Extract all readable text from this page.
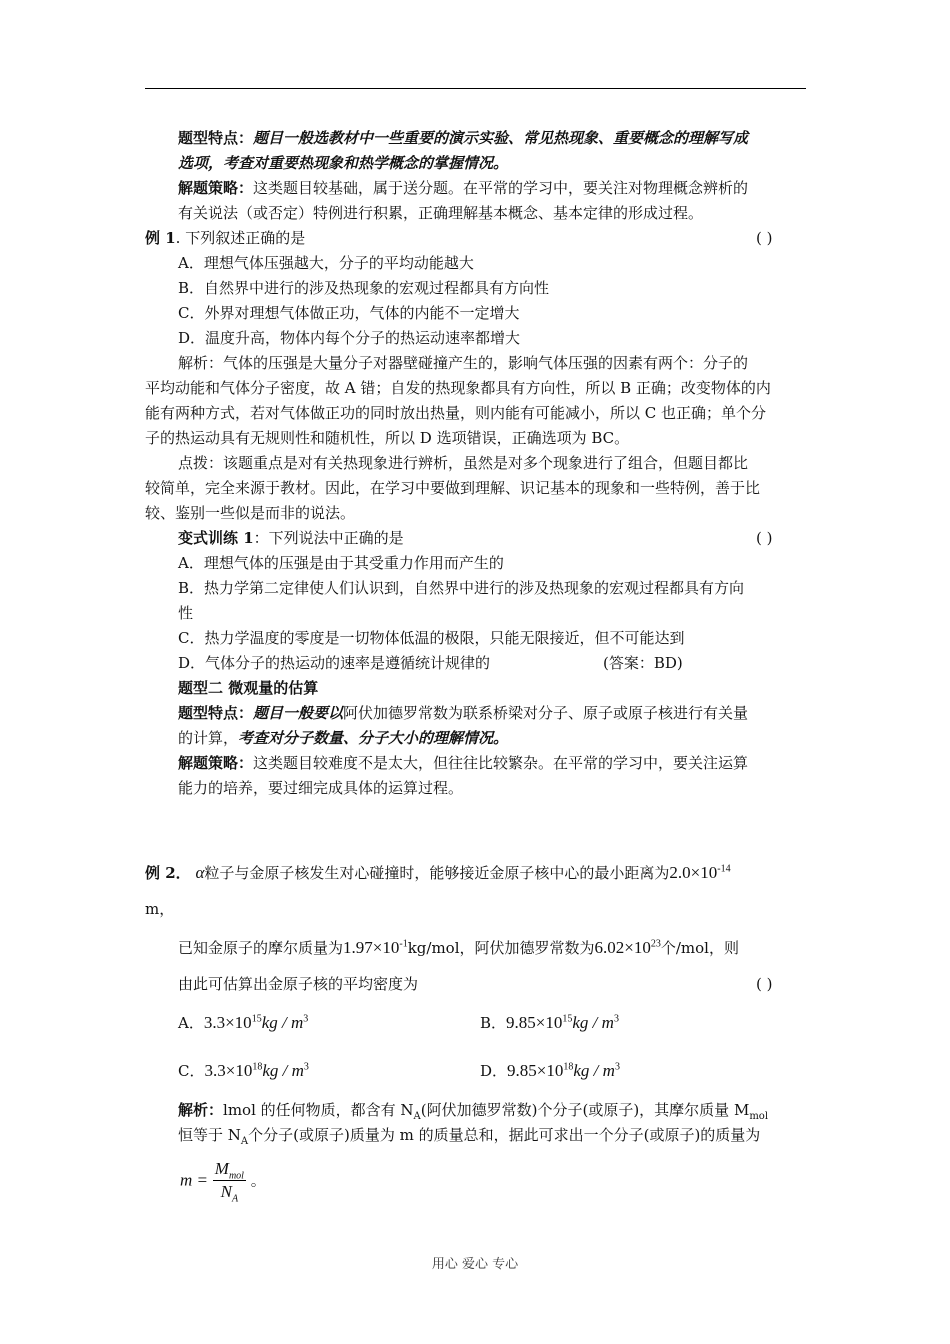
题型特点：题目一般选教材中一些重要的演示实验、常见热现象、重要概念的理解写成
选项，考查对重要热现象和热学概念的掌握情况。
解题策略：这类题目较基础，属于送分题。在平常的学习中，要关注对物理概念辨析的
有关说法（或否定）特例进行积累，正确理解基本概念、基本定律的形成过程。
例 1. 下列叙述正确的是	( )
A．理想气体压强越大，分子的平均动能越大
B．自然界中进行的涉及热现象的宏观过程都具有方向性
C．外界对理想气体做正功，气体的内能不一定增大
D．温度升高，物体内每个分子的热运动速率都增大
解析：气体的压强是大量分子对器壁碰撞产生的，影响气体压强的因素有两个：分子的
平均动能和气体分子密度，故 A 错；自发的热现象都具有方向性，所以 B 正确；改变物体的内
能有两种方式，若对气体做正功的同时放出热量，则内能有可能减小，所以 C 也正确；单个分
子的热运动具有无规则性和随机性，所以 D 选项错误，正确选项为 BC。
点拨：该题重点是对有关热现象进行辨析，虽然是对多个现象进行了组合，但题目都比
较简单，完全来源于教材。因此，在学习中要做到理解、识记基本的现象和一些特例，善于比
较、鉴别一些似是而非的说法。
变式训练 1：下列说法中正确的是	( )
A．理想气体的压强是由于其受重力作用而产生的
B．热力学第二定律使人们认识到，自然界中进行的涉及热现象的宏观过程都具有方向
性
C．热力学温度的零度是一切物体低温的极限，只能无限接近，但不可能达到
D．气体分子的热运动的速率是遵循统计规律的	(答案：BD)
题型二 微观量的估算
题型特点：题目一般要以阿伏加德罗常数为联系桥梁对分子、原子或原子核进行有关量
的计算，考查对分子数量、分子大小的理解情况。
解题策略：这类题目较难度不是太大，但往往比较繁杂。在平常的学习中，要关注运算
能力的培养，要过细完成具体的运算过程。
例 2． α粒子与金原子核发生对心碰撞时，能够接近金原子核中心的最小距离为$2.0\times 10^{-14}$
m，
已知金原子的摩尔质量为$1.97\times 10^{-1}kg$/mol，阿伏加德罗常数为$6.02\times 10^{23}$个/mol，则
由此可估算出金原子核的平均密度为	( )
A．$3.3\times 10^{15}kg / m^3$	B．$9.85\times 10^{15}kg / m^3$
C．$3.3\times 10^{18}kg / m^3$	D．$9.85\times 10^{18}kg / m^3$
解析：lmol 的任何物质，都含有 $N_A$(阿伏加德罗常数)个分子(或原子)，其摩尔质量 $M_{mol}$
恒等于 $N_A$个分子(或原子)质量为 m 的质量总和，据此可求出一个分子(或原子)的质量为
$m = \frac{M_{mol}}{N_A}$ 。
用心 爱心 专心
